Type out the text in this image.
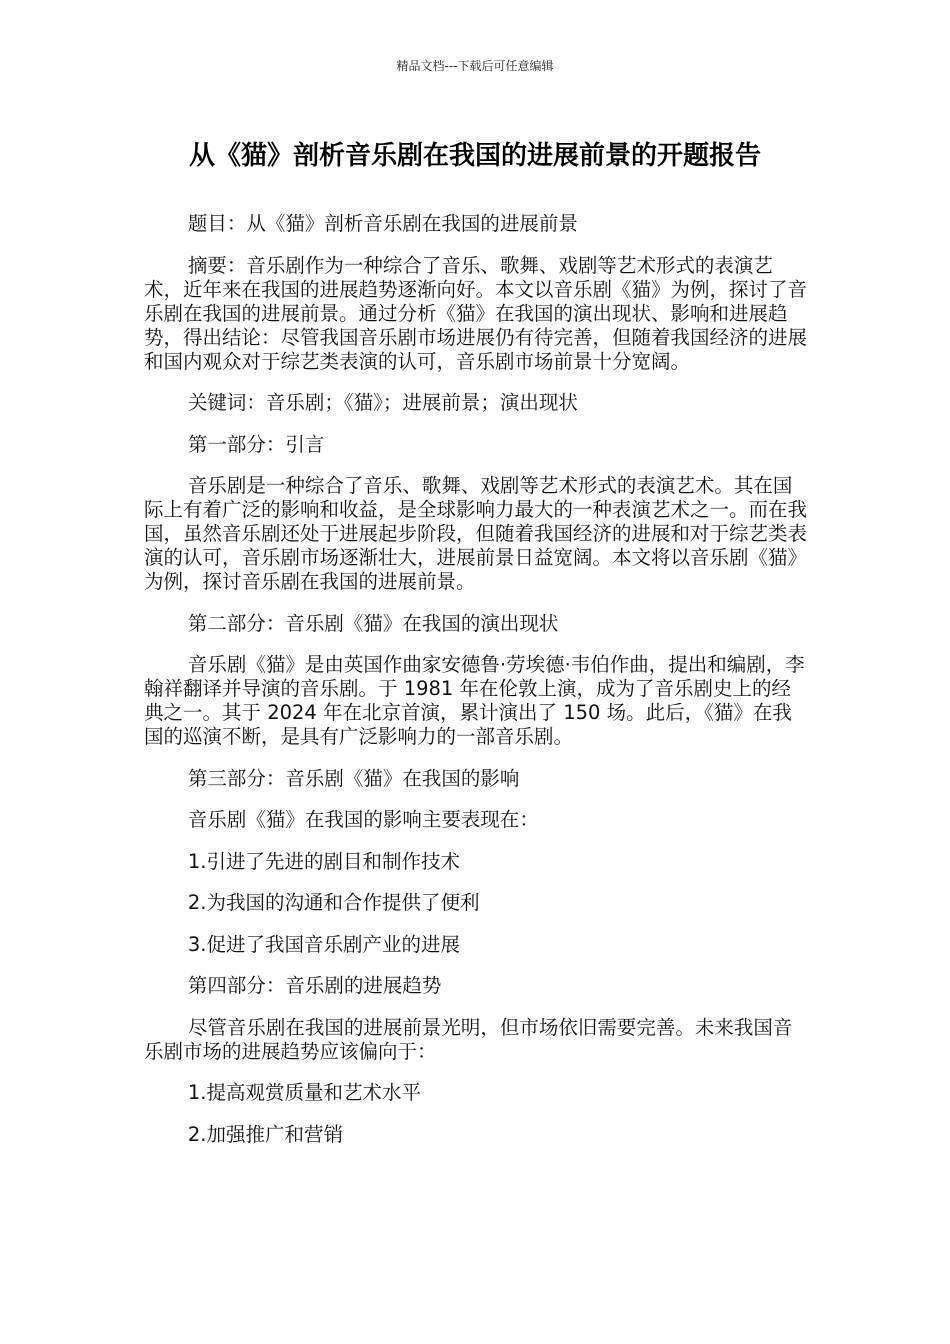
精品文档---下载后可任意编辑
从《猫》剖析音乐剧在我国的进展前景的开题报告

题目：从《猫》剖析音乐剧在我国的进展前景

摘要：音乐剧作为一种综合了音乐、歌舞、戏剧等艺术形式的表演艺术，近年来在我国的进展趋势逐渐向好。本文以音乐剧《猫》为例，探讨了音乐剧在我国的进展前景。通过分析《猫》在我国的演出现状、影响和进展趋势，得出结论：尽管我国音乐剧市场进展仍有待完善，但随着我国经济的进展和国内观众对于综艺类表演的认可，音乐剧市场前景十分宽阔。

关键词：音乐剧；《猫》；进展前景；演出现状

第一部分：引言

音乐剧是一种综合了音乐、歌舞、戏剧等艺术形式的表演艺术。其在国际上有着广泛的影响和收益，是全球影响力最大的一种表演艺术之一。而在我国，虽然音乐剧还处于进展起步阶段，但随着我国经济的进展和对于综艺类表演的认可，音乐剧市场逐渐壮大，进展前景日益宽阔。本文将以音乐剧《猫》为例，探讨音乐剧在我国的进展前景。

第二部分：音乐剧《猫》在我国的演出现状

音乐剧《猫》是由英国作曲家安德鲁·劳埃德·韦伯作曲，提出和编剧，李翰祥翻译并导演的音乐剧。于 1981 年在伦敦上演，成为了音乐剧史上的经典之一。其于 2024 年在北京首演，累计演出了 150 场。此后，《猫》在我国的巡演不断，是具有广泛影响力的一部音乐剧。

第三部分：音乐剧《猫》在我国的影响

音乐剧《猫》在我国的影响主要表现在：

1.引进了先进的剧目和制作技术

2.为我国的沟通和合作提供了便利

3.促进了我国音乐剧产业的进展

第四部分：音乐剧的进展趋势

尽管音乐剧在我国的进展前景光明，但市场依旧需要完善。未来我国音乐剧市场的进展趋势应该偏向于：

1.提高观赏质量和艺术水平

2.加强推广和营销
